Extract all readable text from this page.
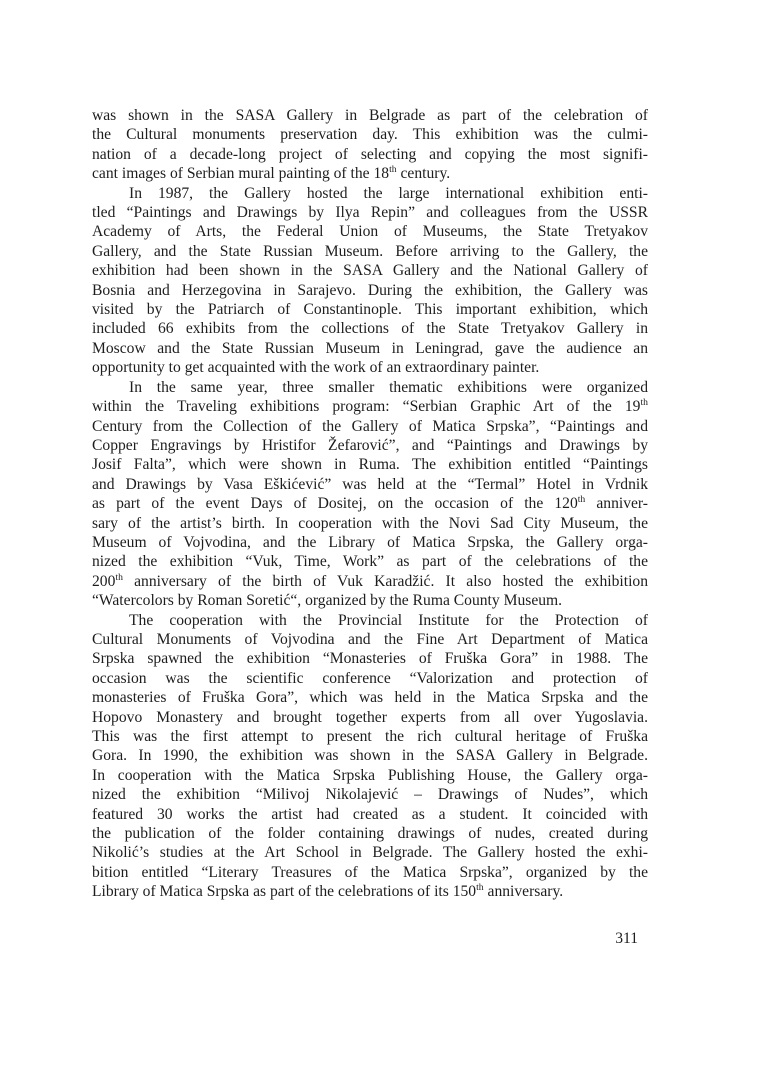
was shown in the SASA Gallery in Belgrade as part of the celebration of
the Cultural monuments preservation day. This exhibition was the culmi-
nation of a decade-long project of selecting and copying the most signifi-
cant images of Serbian mural painting of the 18th century.
In 1987, the Gallery hosted the large international exhibition enti-
tled “Paintings and Drawings by Ilya Repin” and colleagues from the USSR
Academy of Arts, the Federal Union of Museums, the State Tretyakov
Gallery, and the State Russian Museum. Before arriving to the Gallery, the
exhibition had been shown in the SASA Gallery and the National Gallery of
Bosnia and Herzegovina in Sarajevo. During the exhibition, the Gallery was
visited by the Patriarch of Constantinople. This important exhibition, which
included 66 exhibits from the collections of the State Tretyakov Gallery in
Moscow and the State Russian Museum in Leningrad, gave the audience an
opportunity to get acquainted with the work of an extraordinary painter.
In the same year, three smaller thematic exhibitions were organized
within the Traveling exhibitions program: “Serbian Graphic Art of the 19th
Century from the Collection of the Gallery of Matica Srpska”, “Paintings and
Copper Engravings by Hristifor Žefarović”, and “Paintings and Drawings by
Josif Falta”, which were shown in Ruma. The exhibition entitled “Paintings
and Drawings by Vasa Eškićević” was held at the “Termal” Hotel in Vrdnik
as part of the event Days of Dositej, on the occasion of the 120th anniver-
sary of the artist’s birth. In cooperation with the Novi Sad City Museum, the
Museum of Vojvodina, and the Library of Matica Srpska, the Gallery orga-
nized the exhibition “Vuk, Time, Work” as part of the celebrations of the
200th anniversary of the birth of Vuk Karadžić. It also hosted the exhibition
“Watercolors by Roman Soretić“, organized by the Ruma County Museum.
The cooperation with the Provincial Institute for the Protection of
Cultural Monuments of Vojvodina and the Fine Art Department of Matica
Srpska spawned the exhibition “Monasteries of Fruška Gora” in 1988. The
occasion was the scientific conference “Valorization and protection of
monasteries of Fruška Gora”, which was held in the Matica Srpska and the
Hopovo Monastery and brought together experts from all over Yugoslavia.
This was the first attempt to present the rich cultural heritage of Fruška
Gora. In 1990, the exhibition was shown in the SASA Gallery in Belgrade.
In cooperation with the Matica Srpska Publishing House, the Gallery orga-
nized the exhibition “Milivoj Nikolajević – Drawings of Nudes”, which
featured 30 works the artist had created as a student. It coincided with
the publication of the folder containing drawings of nudes, created during
Nikolić’s studies at the Art School in Belgrade. The Gallery hosted the exhi-
bition entitled “Literary Treasures of the Matica Srpska”, organized by the
Library of Matica Srpska as part of the celebrations of its 150th anniversary.
311
